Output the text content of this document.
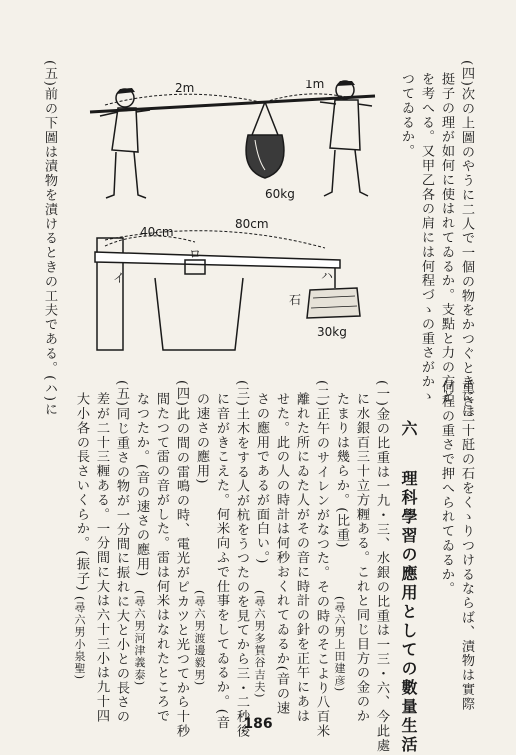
(四)次の上圖のやうに二人で一個の物をかつぐときには
挺子の理が如何に使はれてゐるか。支點と力の方と
を考へる。又甲乙各の肩には何程づゝの重さがかゝ
つてゐるか。
(五)前の下圖は漬物を漬けるときの工夫である。(ハ)に	2m	1m
60kg
40cm
80cm
イ
ロ
ハ
石
30kg
重さ三十瓩の石をくゝりつけるならば、漬物は實際
何程の重さで押へられてゐるか。
六  理科學習の應用としての數量生活
(一)金の比重は一九・三、水銀の比重は一三・六、今此處
に水銀百三十立方糎ある。これと同じ目方の金のか
たまりは幾らか。(比重)
(尋六男上田建彦)
(二)正午のサイレンがなつた。その時のそこより八百米
離れた所にゐた人がその音に時計の針を正午にあは
せた。此の人の時計は何秒おくれてゐるか(音の速
さの應用であるが面白い。)
(尋六男多賀谷吉夫)
(三)土木をする人が杭をうつたのを見てから三・二秒後
に音がきこえた。何米向ふで仕事をしてゐるか。(音
の速さの應用)
(尋六男渡邊毅男)
(四)此の間の雷鳴の時、電光がピカツと光つてから十秒
間たつて雷の音がした。雷は何米はなれたところで
なつたか。(音の速さの應用)
(尋六男河津義泰)
(五)同じ重さの物が一分間に振れに大と小との長さの
差が二十三糎ある。一分間に大は六十三小は九十四
大小各の長さいくらか。(振子)
(尋六男小泉聖)
186
